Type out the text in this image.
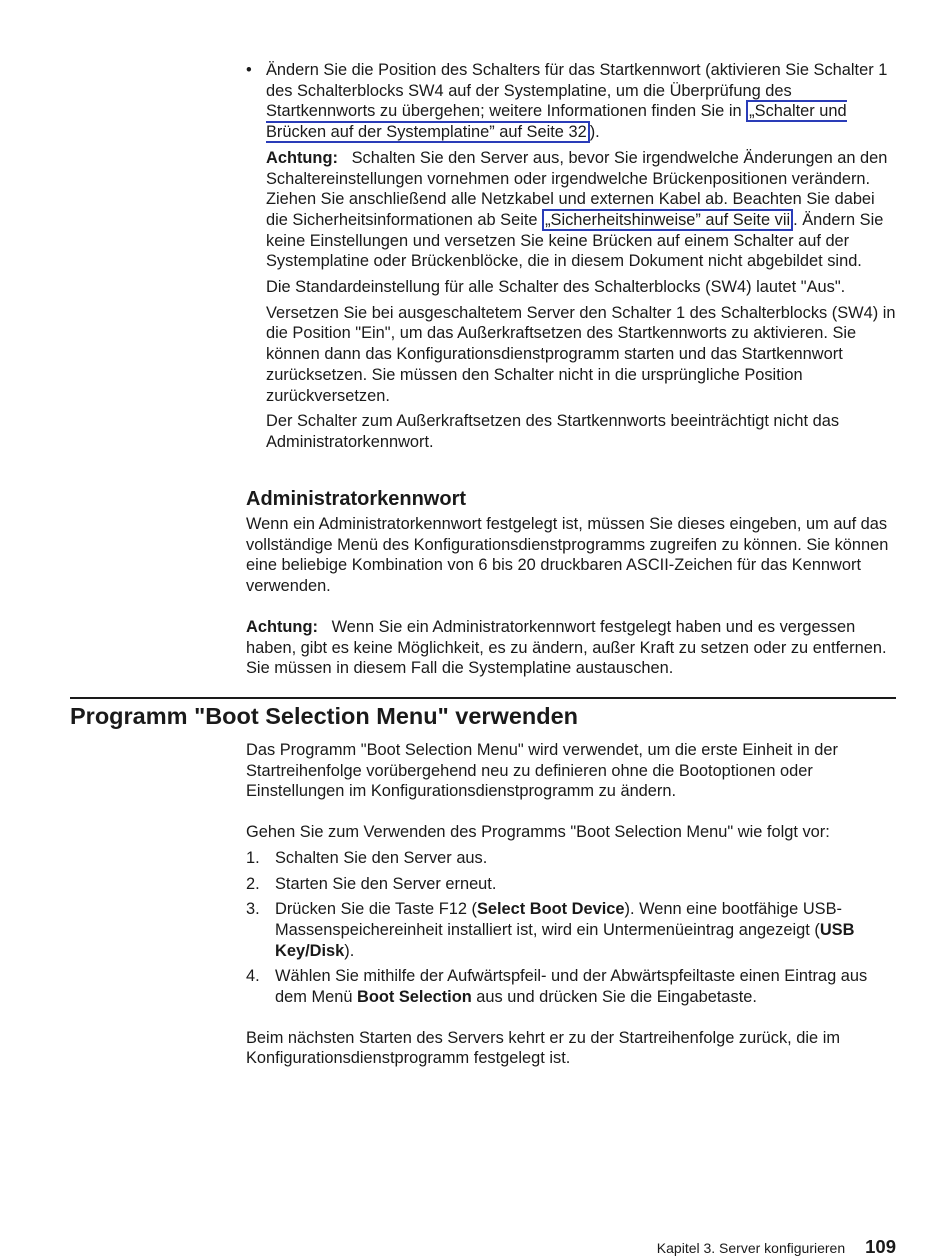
• Ändern Sie die Position des Schalters für das Startkennwort (aktivieren Sie Schalter 1 des Schalterblocks SW4 auf der Systemplatine, um die Überprüfung des Startkennworts zu übergehen; weitere Informationen finden Sie in „Schalter und Brücken auf der Systemplatine” auf Seite 32 ).

Achtung: Schalten Sie den Server aus, bevor Sie irgendwelche Änderungen an den Schaltereinstellungen vornehmen oder irgendwelche Brückenpositionen verändern. Ziehen Sie anschließend alle Netzkabel und externen Kabel ab. Beachten Sie dabei die Sicherheitsinformationen ab Seite „Sicherheitshinweise” auf Seite vii . Ändern Sie keine Einstellungen und versetzen Sie keine Brücken auf einem Schalter auf der Systemplatine oder Brückenblöcke, die in diesem Dokument nicht abgebildet sind.

Die Standardeinstellung für alle Schalter des Schalterblocks (SW4) lautet "Aus".

Versetzen Sie bei ausgeschaltetem Server den Schalter 1 des Schalterblocks (SW4) in die Position "Ein", um das Außerkraftsetzen des Startkennworts zu aktivieren. Sie können dann das Konfigurationsdienstprogramm starten und das Startkennwort zurücksetzen. Sie müssen den Schalter nicht in die ursprüngliche Position zurückversetzen.

Der Schalter zum Außerkraftsetzen des Startkennworts beeinträchtigt nicht das Administratorkennwort.

Administratorkennwort

Wenn ein Administratorkennwort festgelegt ist, müssen Sie dieses eingeben, um auf das vollständige Menü des Konfigurationsdienstprogramms zugreifen zu können. Sie können eine beliebige Kombination von 6 bis 20 druckbaren ASCII-Zeichen für das Kennwort verwenden.

Achtung: Wenn Sie ein Administratorkennwort festgelegt haben und es vergessen haben, gibt es keine Möglichkeit, es zu ändern, außer Kraft zu setzen oder zu entfernen. Sie müssen in diesem Fall die Systemplatine austauschen.

Programm "Boot Selection Menu" verwenden

Das Programm "Boot Selection Menu" wird verwendet, um die erste Einheit in der Startreihenfolge vorübergehend neu zu definieren ohne die Bootoptionen oder Einstellungen im Konfigurationsdienstprogramm zu ändern.

Gehen Sie zum Verwenden des Programms "Boot Selection Menu" wie folgt vor:

1. Schalten Sie den Server aus.
2. Starten Sie den Server erneut.
3. Drücken Sie die Taste F12 (Select Boot Device). Wenn eine bootfähige USB-Massenspeichereinheit installiert ist, wird ein Untermenüeintrag angezeigt (USB Key/Disk).
4. Wählen Sie mithilfe der Aufwärtspfeil- und der Abwärtspfeiltaste einen Eintrag aus dem Menü Boot Selection aus und drücken Sie die Eingabetaste.

Beim nächsten Starten des Servers kehrt er zu der Startreihenfolge zurück, die im Konfigurationsdienstprogramm festgelegt ist.

Kapitel 3. Server konfigurieren 109
